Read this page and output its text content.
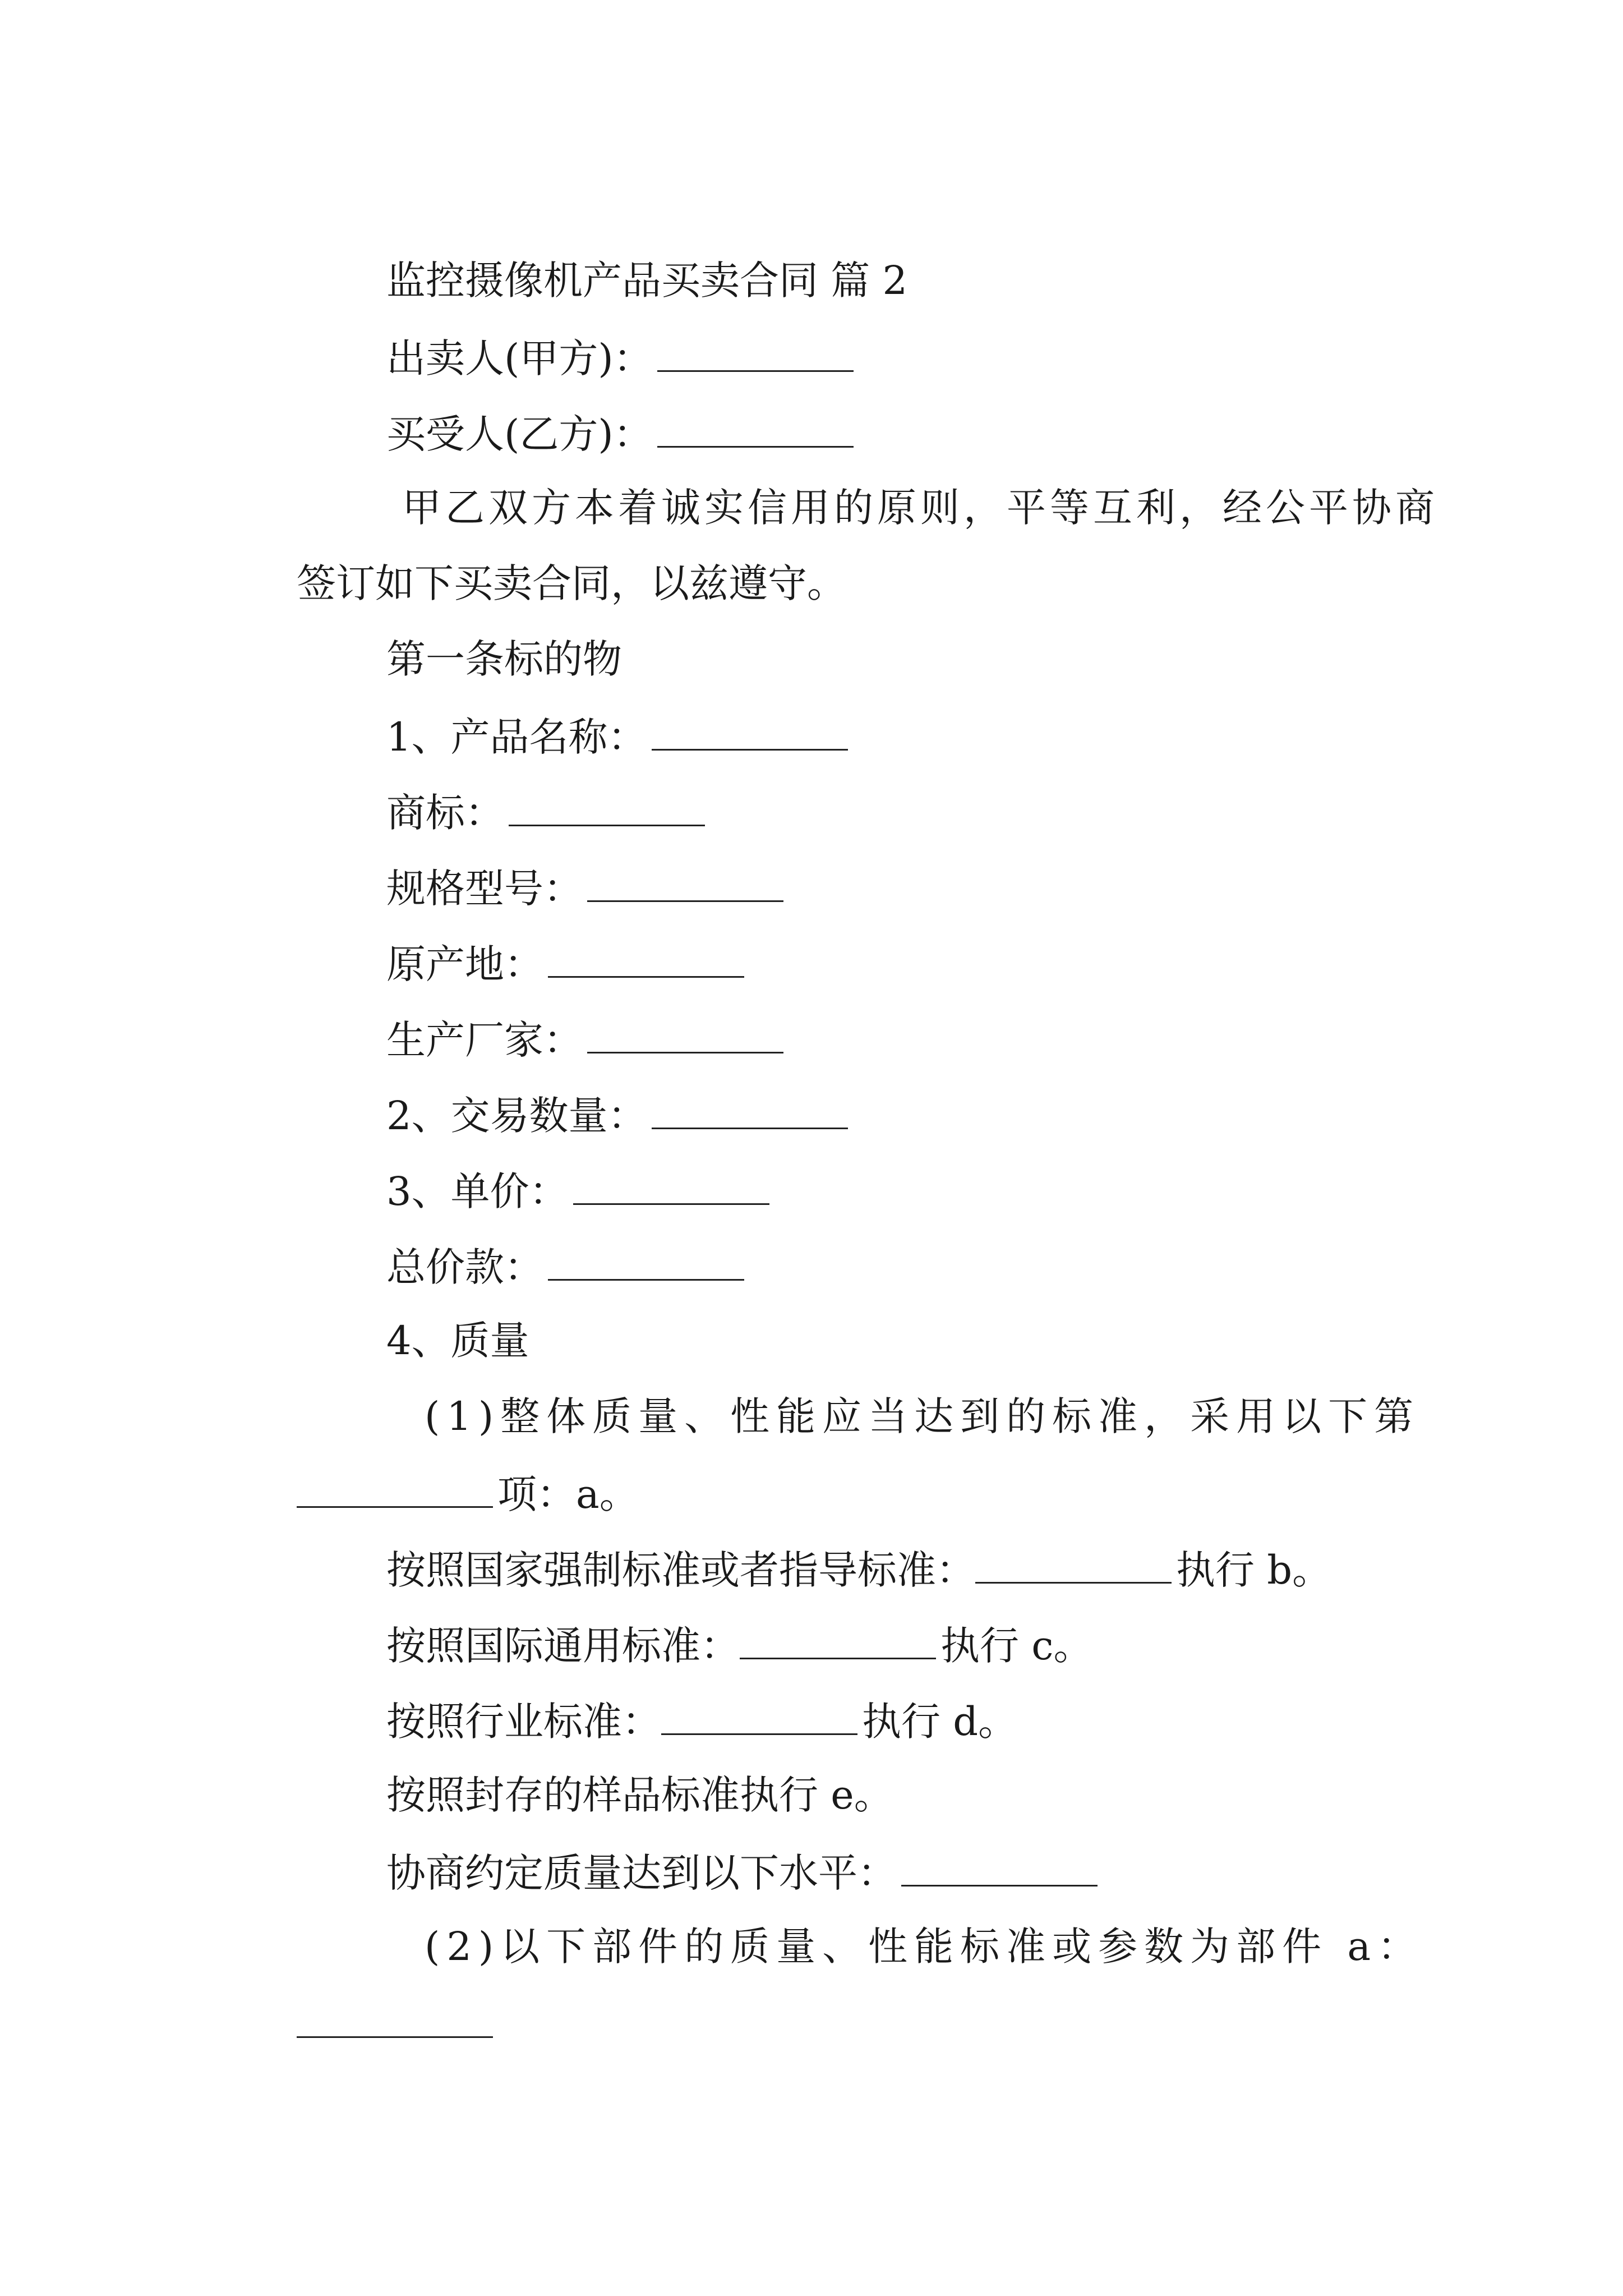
监控摄像机产品买卖合同 篇 2

出卖人(甲方)：

买受人(乙方)：

甲乙双方本着诚实信用的原则，平等互利，经公平协商

签订如下买卖合同，以兹遵守。

第一条标的物

1、产品名称：

商标：

规格型号：

原产地：

生产厂家：

2、交易数量：

3、单价：

总价款：

4、质量

(1)整体质量、性能应当达到的标准，采用以下第

项：a。

按照国家强制标准或者指导标准：	执行 b。

按照国际通用标准：	执行 c。

按照行业标准：	执行 d。

按照封存的样品标准执行 e。

协商约定质量达到以下水平：

(2)以下部件的质量、性能标准或参数为部件 a：
